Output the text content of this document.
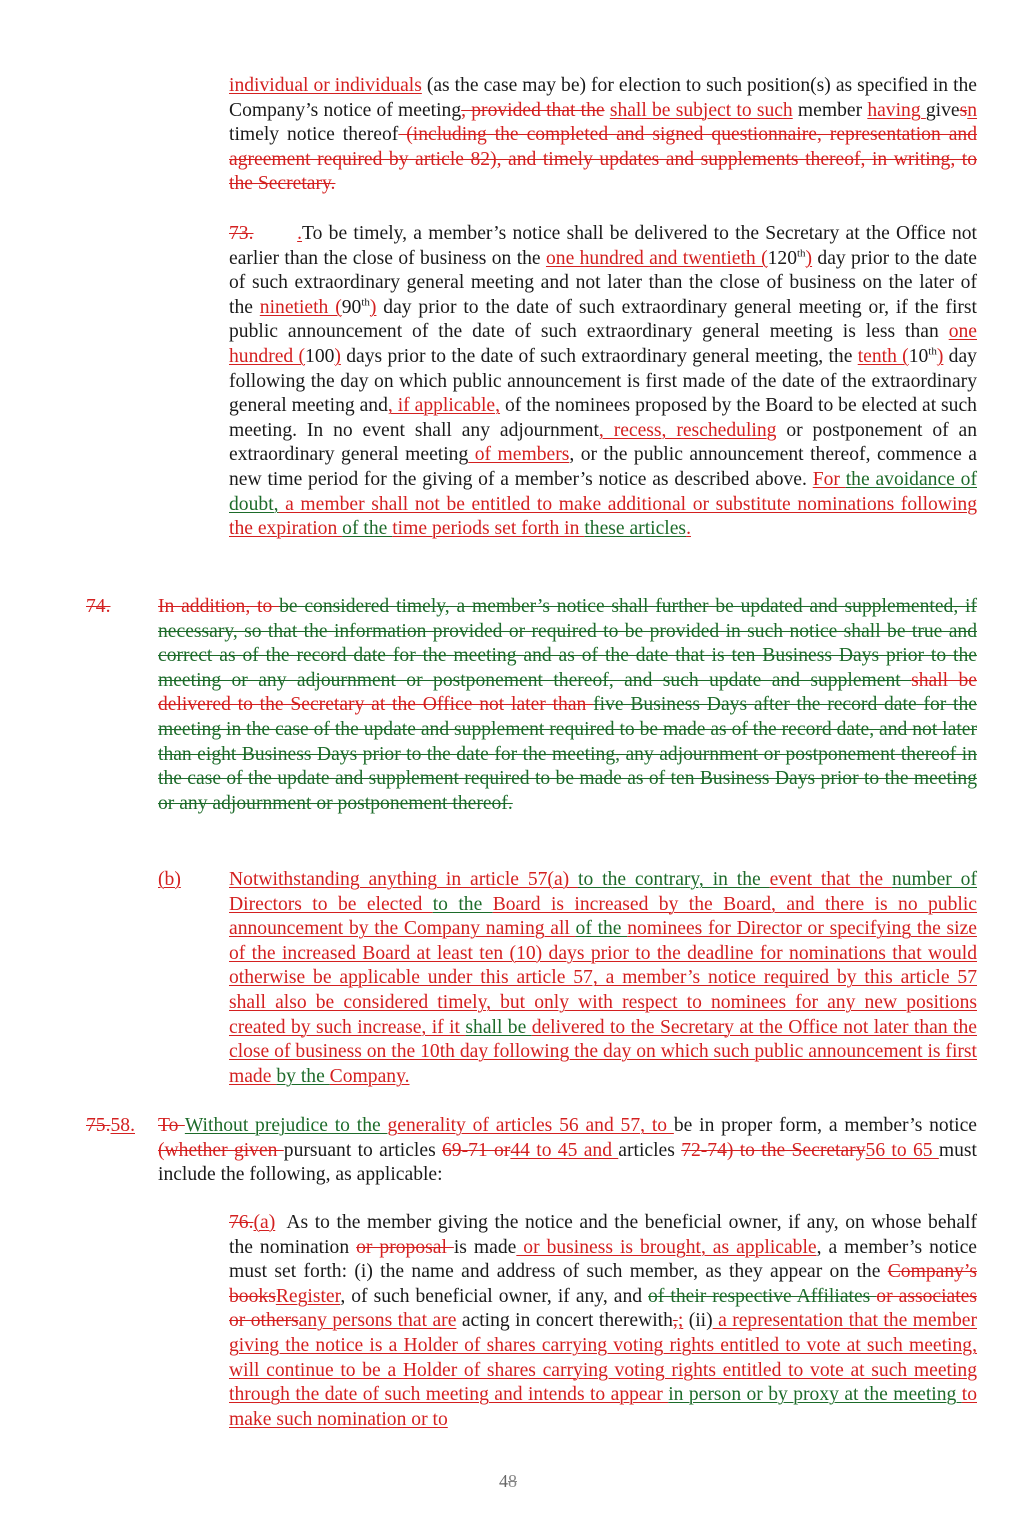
individual or individuals (as the case may be) for election to such position(s) as specified in the Company’s notice of meeting, provided that the shall be subject to such member having givesn timely notice thereof (including the completed and signed questionnaire, representation and agreement required by article 82), and timely updates and supplements thereof, in writing, to the Secretary.

73. .To be timely, a member’s notice shall be delivered to the Secretary at the Office not earlier than the close of business on the one hundred and twentieth (120th) day prior to the date of such extraordinary general meeting and not later than the close of business on the later of the ninetieth (90th) day prior to the date of such extraordinary general meeting or, if the first public announcement of the date of such extraordinary general meeting is less than one hundred (100) days prior to the date of such extraordinary general meeting, the tenth (10th) day following the day on which public announcement is first made of the date of the extraordinary general meeting and, if applicable, of the nominees proposed by the Board to be elected at such meeting. In no event shall any adjournment, recess, rescheduling or postponement of an extraordinary general meeting of members, or the public announcement thereof, commence a new time period for the giving of a member’s notice as described above. For the avoidance of doubt, a member shall not be entitled to make additional or substitute nominations following the expiration of the time periods set forth in these articles.

74. In addition, to be considered timely, a member’s notice shall further be updated and supplemented, if necessary, so that the information provided or required to be provided in such notice shall be true and correct as of the record date for the meeting and as of the date that is ten Business Days prior to the meeting or any adjournment or postponement thereof, and such update and supplement shall be delivered to the Secretary at the Office not later than five Business Days after the record date for the meeting in the case of the update and supplement required to be made as of the record date, and not later than eight Business Days prior to the date for the meeting, any adjournment or postponement thereof in the case of the update and supplement required to be made as of ten Business Days prior to the meeting or any adjournment or postponement thereof.

(b) Notwithstanding anything in article 57(a) to the contrary, in the event that the number of Directors to be elected to the Board is increased by the Board, and there is no public announcement by the Company naming all of the nominees for Director or specifying the size of the increased Board at least ten (10) days prior to the deadline for nominations that would otherwise be applicable under this article 57, a member’s notice required by this article 57 shall also be considered timely, but only with respect to nominees for any new positions created by such increase, if it shall be delivered to the Secretary at the Office not later than the close of business on the 10th day following the day on which such public announcement is first made by the Company.

75.58. To Without prejudice to the generality of articles 56 and 57, to be in proper form, a member’s notice (whether given pursuant to articles 69-71 or44 to 45 and articles 72-74) to the Secretary56 to 65 must include the following, as applicable:

76.(a)

48

As to the member giving the notice and the beneficial owner, if any, on whose behalf the nomination or proposal is made or business is brought, as applicable, a member’s notice must set forth: (i) the name and address of such member, as they appear on the Company’s booksRegister, of such beneficial owner, if any, and of their respective Affiliates or associates or othersany persons that are acting in concert therewith,; (ii) a representation that the member giving the notice is a Holder of shares carrying voting rights entitled to vote at such meeting, will continue to be a Holder of shares carrying voting rights entitled to vote at such meeting through the date of such meeting and intends to appear in person or by proxy at the meeting to make such nomination or to
